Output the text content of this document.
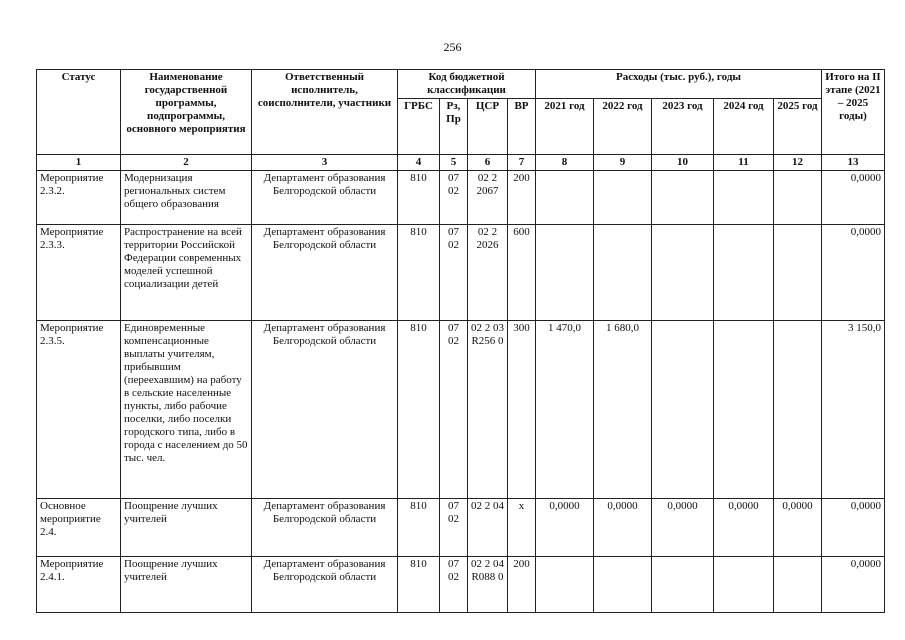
256
Статус	Наименование государственной программы, подпрограммы, основного мероприятия	Ответственный исполнитель, соисполнители, участники	Код бюджетной классификации				Расходы (тыс. руб.), годы					Итого на II этапе (2021 – 2025 годы)
			ГРБС	Рз, Пр	ЦСР	ВР	2021 год	2022 год	2023 год	2024 год	2025 год	
1	2	3	4	5	6	7	8	9	10	11	12	13
Мероприятие 2.3.2.	Модернизация региональных систем общего образования	Департамент образования Белгородской области	810	07 02	02 2 2067	200						0,0000
Мероприятие 2.3.3.	Распространение на всей территории Российской Федерации современных моделей успешной социализации детей	Департамент образования Белгородской области	810	07 02	02 2 2026	600						0,0000
Мероприятие 2.3.5.	Единовременные компенсационные выплаты учителям, прибывшим (переехавшим) на работу в сельские населенные пункты, либо рабочие поселки, либо поселки городского типа, либо в города с населением до 50 тыс. чел.	Департамент образования Белгородской области	810	07 02	02 2 03 R256 0	300	1 470,0	1 680,0				3 150,0
Основное мероприятие 2.4.	Поощрение лучших учителей	Департамент образования Белгородской области	810	07 02	02 2 04	х	0,0000	0,0000	0,0000	0,0000	0,0000	0,0000
Мероприятие 2.4.1.	Поощрение лучших учителей	Департамент образования Белгородской области	810	07 02	02 2 04 R088 0	200						0,0000
